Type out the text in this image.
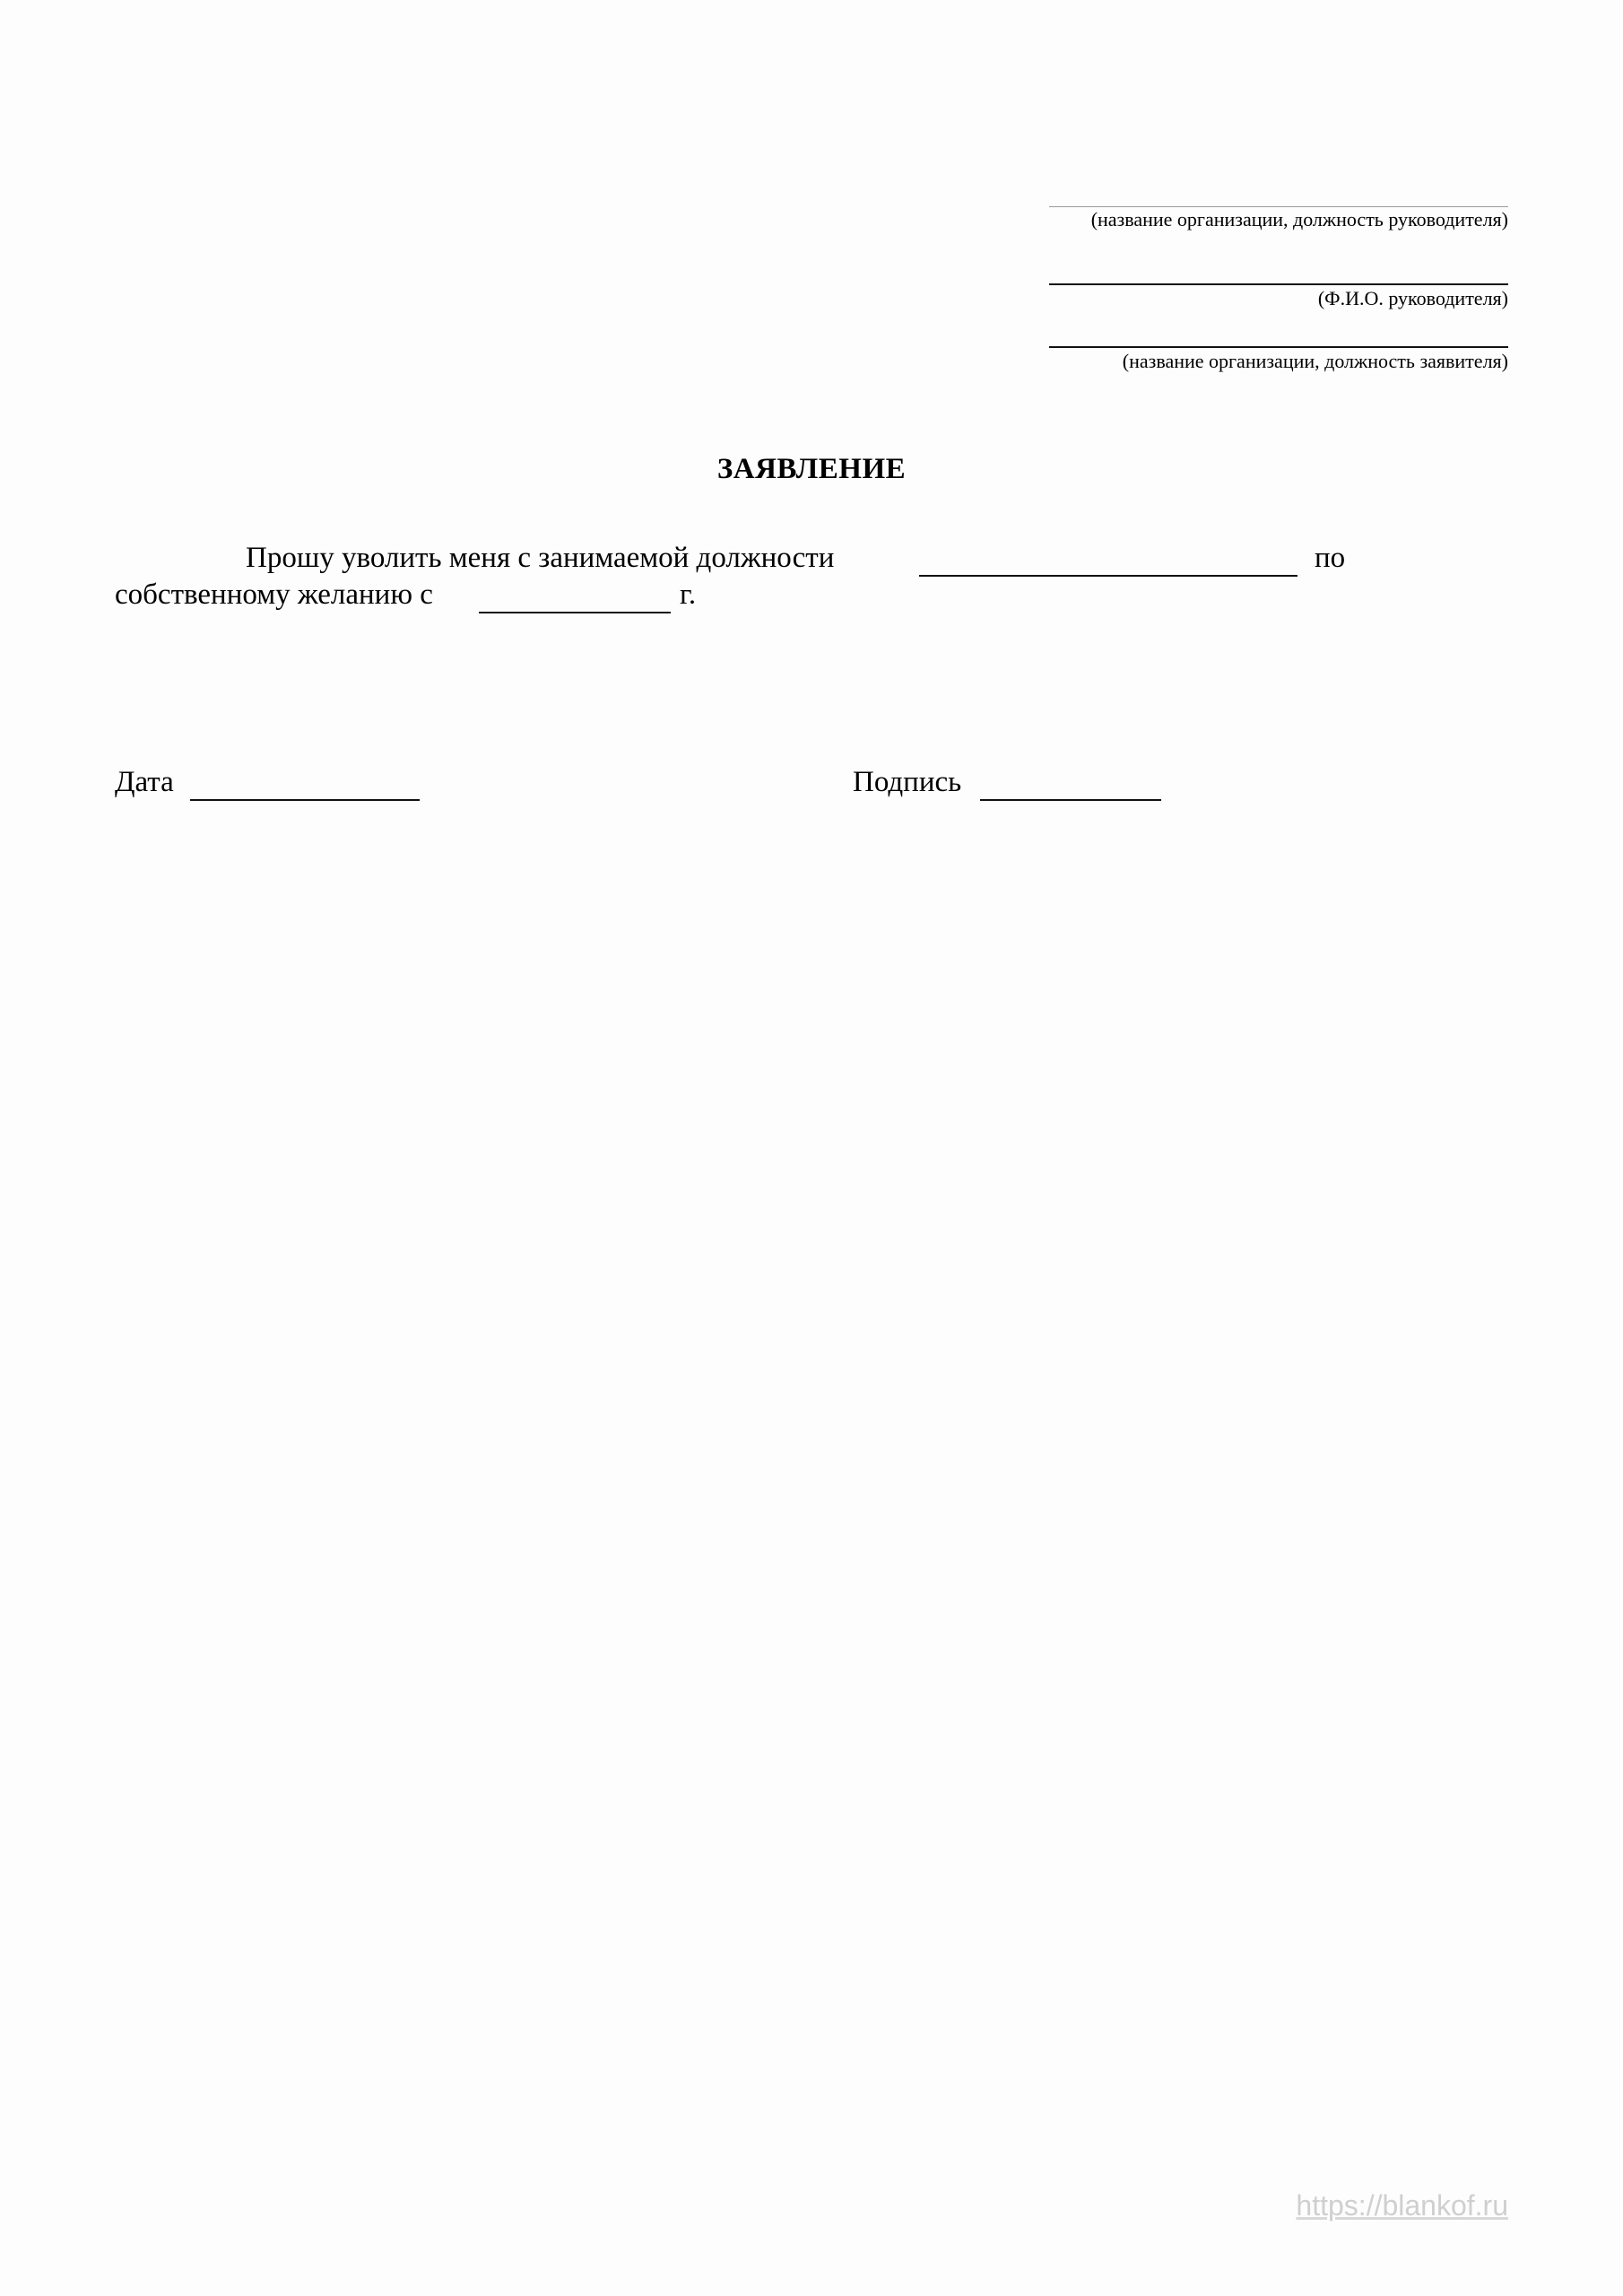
(название организации, должность руководителя)
(Ф.И.О. руководителя)
(название организации, должность заявителя)
ЗАЯВЛЕНИЕ
Прошу уволить меня с занимаемой должности	по
собственному желанию с	г.
Дата	Подпись
https://blankof.ru
